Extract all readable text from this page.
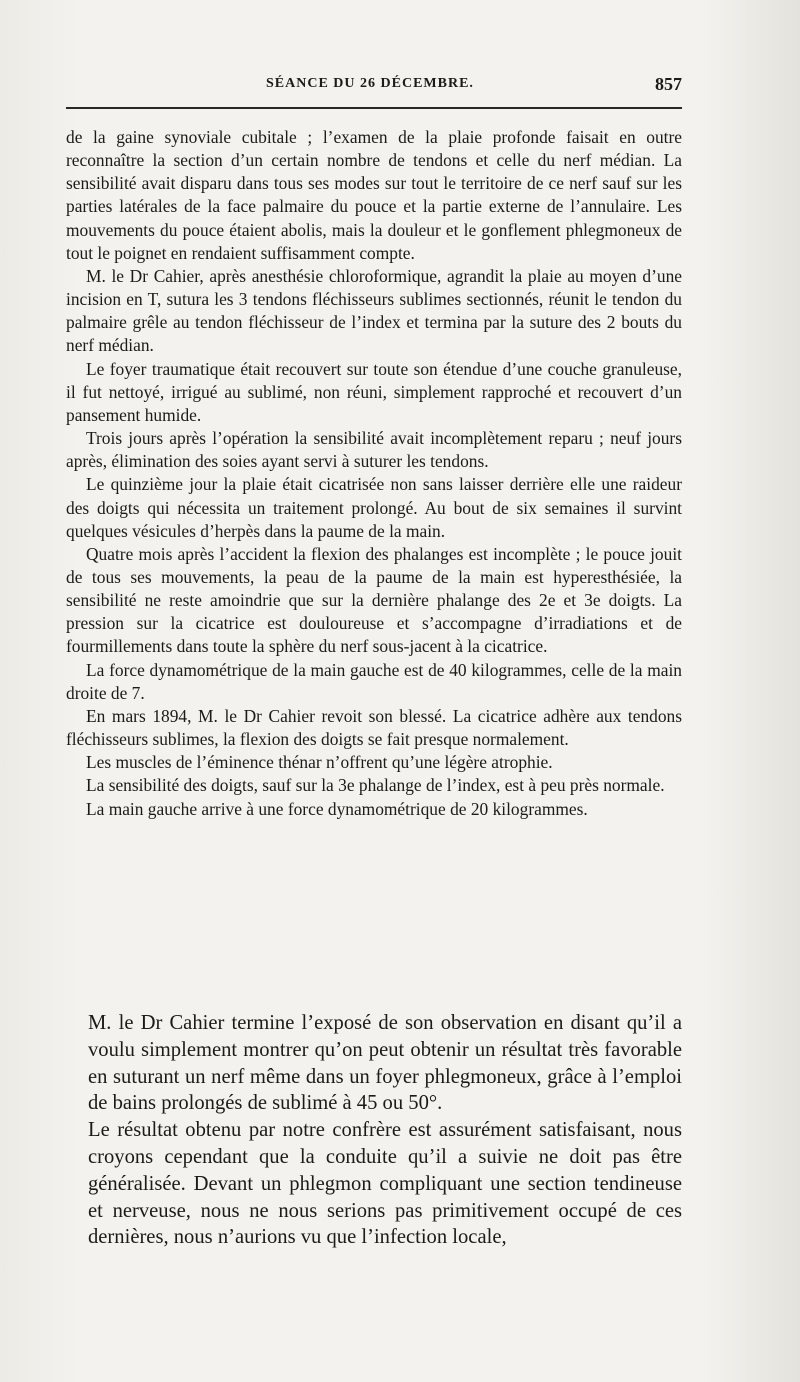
SÉANCE DU 26 DÉCEMBRE.	857

de la gaine synoviale cubitale ; l’examen de la plaie profonde faisait en outre reconnaître la section d’un certain nombre de tendons et celle du nerf médian. La sensibilité avait disparu dans tous ses modes sur tout le territoire de ce nerf sauf sur les parties latérales de la face palmaire du pouce et la partie externe de l’annulaire. Les mouvements du pouce étaient abolis, mais la douleur et le gonflement phlegmoneux de tout le poignet en rendaient suffisamment compte.

M. le Dr Cahier, après anesthésie chloroformique, agrandit la plaie au moyen d’une incision en T, sutura les 3 tendons fléchisseurs sublimes sectionnés, réunit le tendon du palmaire grêle au tendon fléchisseur de l’index et termina par la suture des 2 bouts du nerf médian.

Le foyer traumatique était recouvert sur toute son étendue d’une couche granuleuse, il fut nettoyé, irrigué au sublimé, non réuni, simplement rapproché et recouvert d’un pansement humide.

Trois jours après l’opération la sensibilité avait incomplètement reparu ; neuf jours après, élimination des soies ayant servi à suturer les tendons.

Le quinzième jour la plaie était cicatrisée non sans laisser derrière elle une raideur des doigts qui nécessita un traitement prolongé. Au bout de six semaines il survint quelques vésicules d’herpès dans la paume de la main.

Quatre mois après l’accident la flexion des phalanges est incomplète ; le pouce jouit de tous ses mouvements, la peau de la paume de la main est hyperesthésiée, la sensibilité ne reste amoindrie que sur la dernière phalange des 2e et 3e doigts. La pression sur la cicatrice est douloureuse et s’accompagne d’irradiations et de fourmillements dans toute la sphère du nerf sous-jacent à la cicatrice.

La force dynamométrique de la main gauche est de 40 kilogrammes, celle de la main droite de 7.

En mars 1894, M. le Dr Cahier revoit son blessé. La cicatrice adhère aux tendons fléchisseurs sublimes, la flexion des doigts se fait presque normalement.

Les muscles de l’éminence thénar n’offrent qu’une légère atrophie.

La sensibilité des doigts, sauf sur la 3e phalange de l’index, est à peu près normale.

La main gauche arrive à une force dynamométrique de 20 kilogrammes.

M. le Dr Cahier termine l’exposé de son observation en disant qu’il a voulu simplement montrer qu’on peut obtenir un résultat très favorable en suturant un nerf même dans un foyer phlegmoneux, grâce à l’emploi de bains prolongés de sublimé à 45 ou 50°.

Le résultat obtenu par notre confrère est assurément satisfaisant, nous croyons cependant que la conduite qu’il a suivie ne doit pas être généralisée. Devant un phlegmon compliquant une section tendineuse et nerveuse, nous ne nous serions pas primitivement occupé de ces dernières, nous n’aurions vu que l’infection locale,
